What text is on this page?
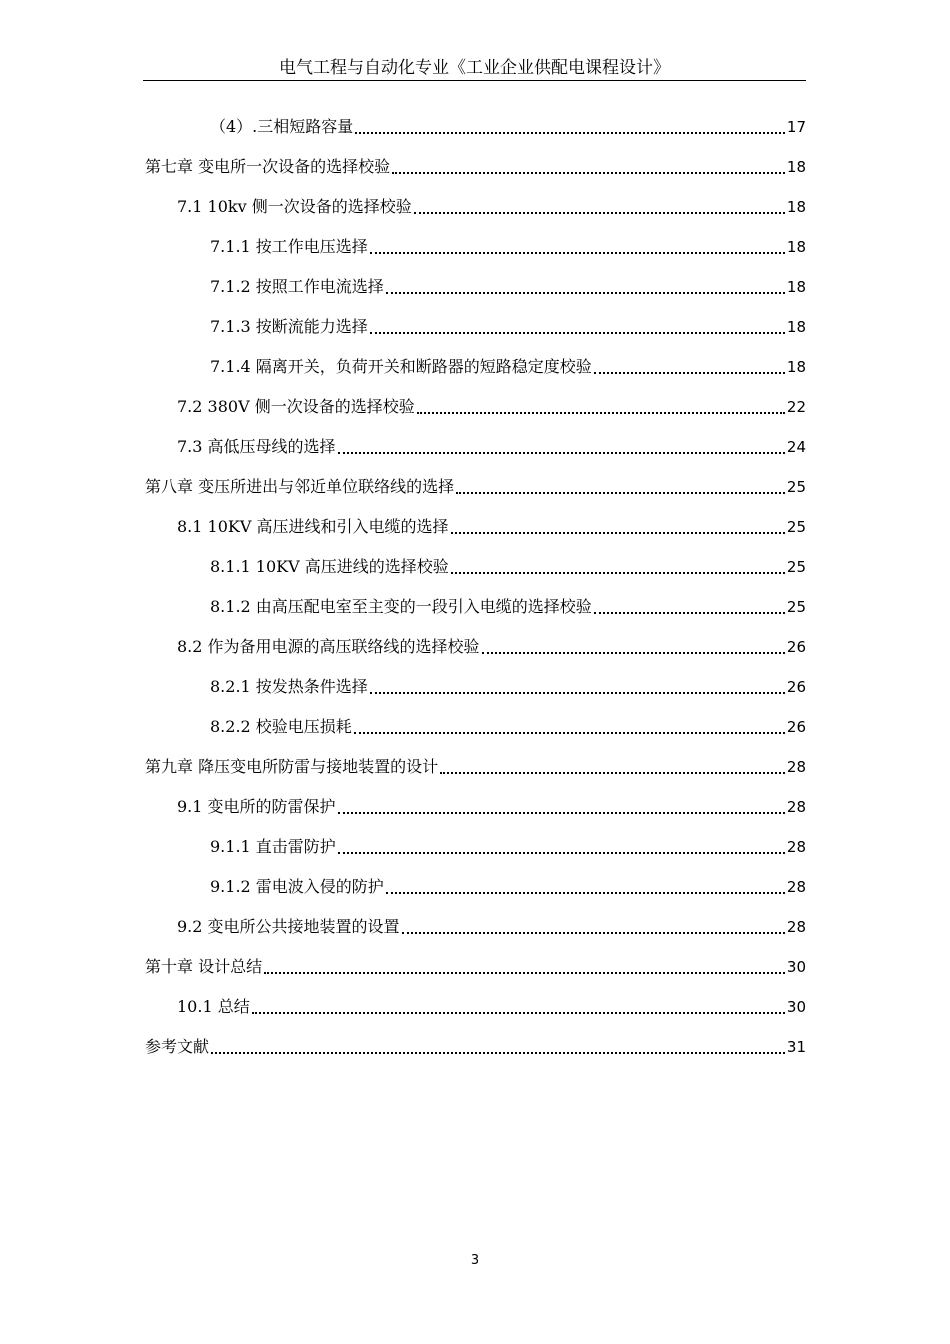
电气工程与自动化专业《工业企业供配电课程设计》
（4）.三相短路容量	17
第七章 变电所一次设备的选择校验	18
7.1 10kv 侧一次设备的选择校验	18
7.1.1 按工作电压选择	18
7.1.2 按照工作电流选择	18
7.1.3 按断流能力选择	18
7.1.4 隔离开关，负荷开关和断路器的短路稳定度校验	18
7.2 380V 侧一次设备的选择校验	22
7.3 高低压母线的选择	24
第八章 变压所进出与邻近单位联络线的选择	25
8.1 10KV 高压进线和引入电缆的选择	25
8.1.1 10KV 高压进线的选择校验	25
8.1.2 由高压配电室至主变的一段引入电缆的选择校验	25
8.2 作为备用电源的高压联络线的选择校验	26
8.2.1 按发热条件选择	26
8.2.2 校验电压损耗	26
第九章 降压变电所防雷与接地装置的设计	28
9.1 变电所的防雷保护	28
9.1.1 直击雷防护	28
9.1.2 雷电波入侵的防护	28
9.2 变电所公共接地装置的设置	28
第十章 设计总结	30
10.1 总结	30
参考文献	31
3
